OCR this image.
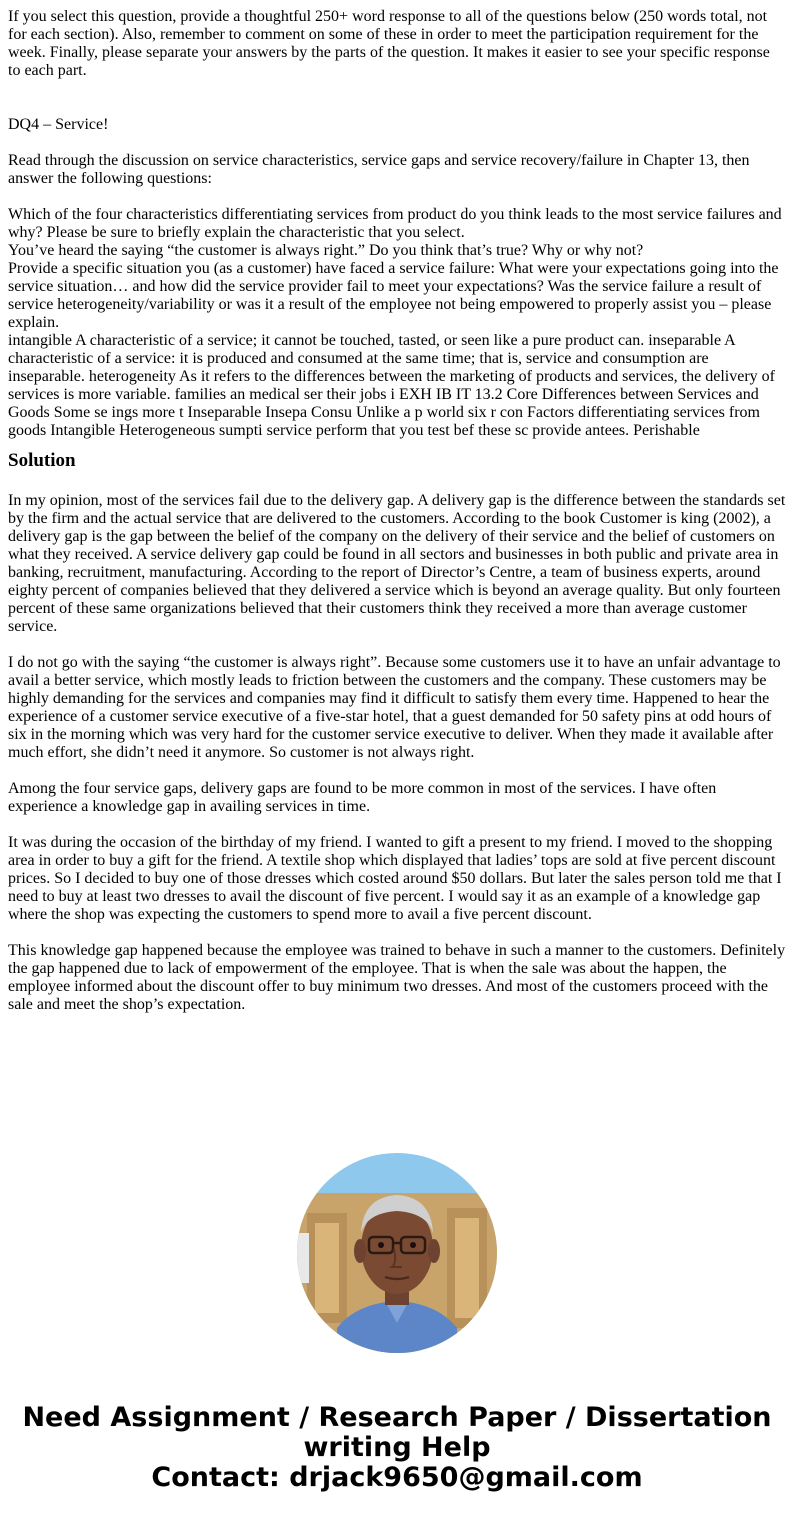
If you select this question, provide a thoughtful 250+ word response to all of the questions below (250 words total, not for each section). Also, remember to comment on some of these in order to meet the participation requirement for the week. Finally, please separate your answers by the parts of the question. It makes it easier to see your specific response to each part.

DQ4 – Service!

Read through the discussion on service characteristics, service gaps and service recovery/failure in Chapter 13, then answer the following questions:

Which of the four characteristics differentiating services from product do you think leads to the most service failures and why? Please be sure to briefly explain the characteristic that you select.

You’ve heard the saying “the customer is always right.” Do you think that’s true? Why or why not?

Provide a specific situation you (as a customer) have faced a service failure: What were your expectations going into the service situation… and how did the service provider fail to meet your expectations? Was the service failure a result of service heterogeneity/variability or was it a result of the employee not being empowered to properly assist you – please explain.

intangible A characteristic of a service; it cannot be touched, tasted, or seen like a pure product can. inseparable A characteristic of a service: it is produced and consumed at the same time; that is, service and consumption are inseparable. heterogeneity As it refers to the differences between the marketing of products and services, the delivery of services is more variable. families an medical ser their jobs i EXH IB IT 13.2 Core Differences between Services and Goods Some se ings more t Inseparable Insepa Consu Unlike a p world six r con Factors differentiating services from goods Intangible Heterogeneous sumpti service perform that you test bef these sc provide antees. Perishable

Solution

In my opinion, most of the services fail due to the delivery gap. A delivery gap is the difference between the standards set by the firm and the actual service that are delivered to the customers. According to the book Customer is king (2002), a delivery gap is the gap between the belief of the company on the delivery of their service and the belief of customers on what they received. A service delivery gap could be found in all sectors and businesses in both public and private area in banking, recruitment, manufacturing. According to the report of Director’s Centre, a team of business experts, around eighty percent of companies believed that they delivered a service which is beyond an average quality. But only fourteen percent of these same organizations believed that their customers think they received a more than average customer service.

I do not go with the saying “the customer is always right”. Because some customers use it to have an unfair advantage to avail a better service, which mostly leads to friction between the customers and the company. These customers may be highly demanding for the services and companies may find it difficult to satisfy them every time. Happened to hear the experience of a customer service executive of a five-star hotel, that a guest demanded for 50 safety pins at odd hours of six in the morning which was very hard for the customer service executive to deliver. When they made it available after much effort, she didn’t need it anymore. So customer is not always right.

Among the four service gaps, delivery gaps are found to be more common in most of the services. I have often experience a knowledge gap in availing services in time.

It was during the occasion of the birthday of my friend. I wanted to gift a present to my friend. I moved to the shopping area in order to buy a gift for the friend. A textile shop which displayed that ladies’ tops are sold at five percent discount prices. So I decided to buy one of those dresses which costed around $50 dollars. But later the sales person told me that I need to buy at least two dresses to avail the discount of five percent. I would say it as an example of a knowledge gap where the shop was expecting the customers to spend more to avail a five percent discount.

This knowledge gap happened because the employee was trained to behave in such a manner to the customers. Definitely the gap happened due to lack of empowerment of the employee. That is when the sale was about the happen, the employee informed about the discount offer to buy minimum two dresses. And most of the customers proceed with the sale and meet the shop’s expectation.

Need Assignment / Research Paper / Dissertation
writing Help
Contact: drjack9650@gmail.com
